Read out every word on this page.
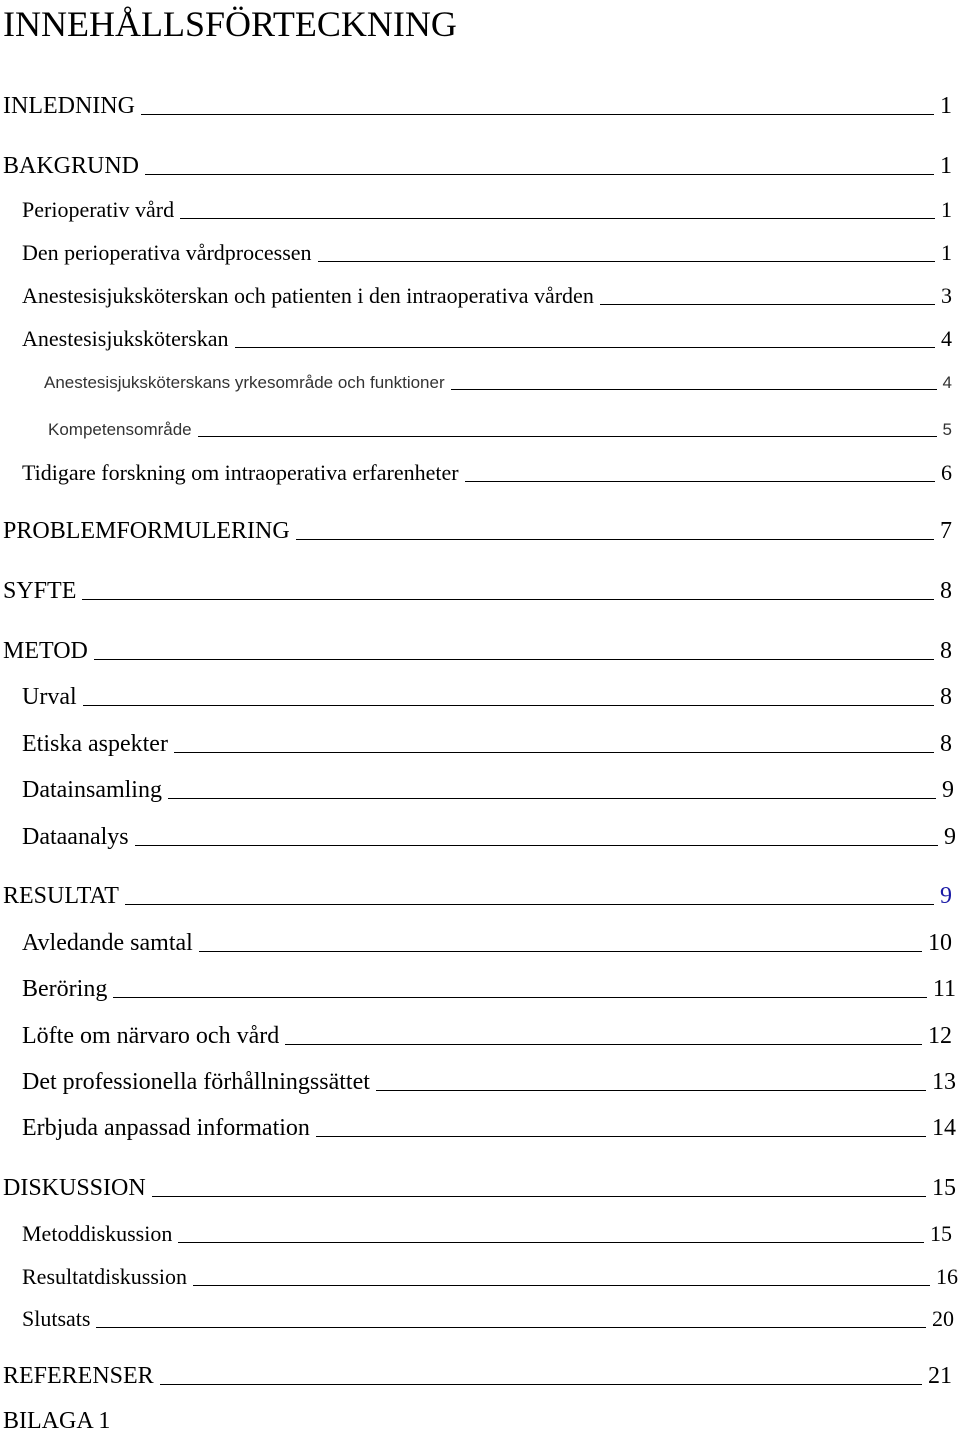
INNEHÅLLSFÖRTECKNING
INLEDNING	1
BAKGRUND	1
Perioperativ vård	1
Den perioperativa vårdprocessen	1
Anestesisjuksköterskan och patienten i den intraoperativa vården	3
Anestesisjuksköterskan	4
Anestesisjuksköterskans yrkesområde och funktioner	4
Kompetensområde	5
Tidigare forskning om intraoperativa erfarenheter	6
PROBLEMFORMULERING	7
SYFTE	8
METOD	8
Urval	8
Etiska aspekter	8
Datainsamling	9
Dataanalys	9
RESULTAT	9
Avledande samtal	10
Beröring	11
Löfte om närvaro och vård	12
Det professionella förhållningssättet	13
Erbjuda anpassad information	14
DISKUSSION	15
Metoddiskussion	15
Resultatdiskussion	16
Slutsats	20
REFERENSER	21
BILAGA 1
